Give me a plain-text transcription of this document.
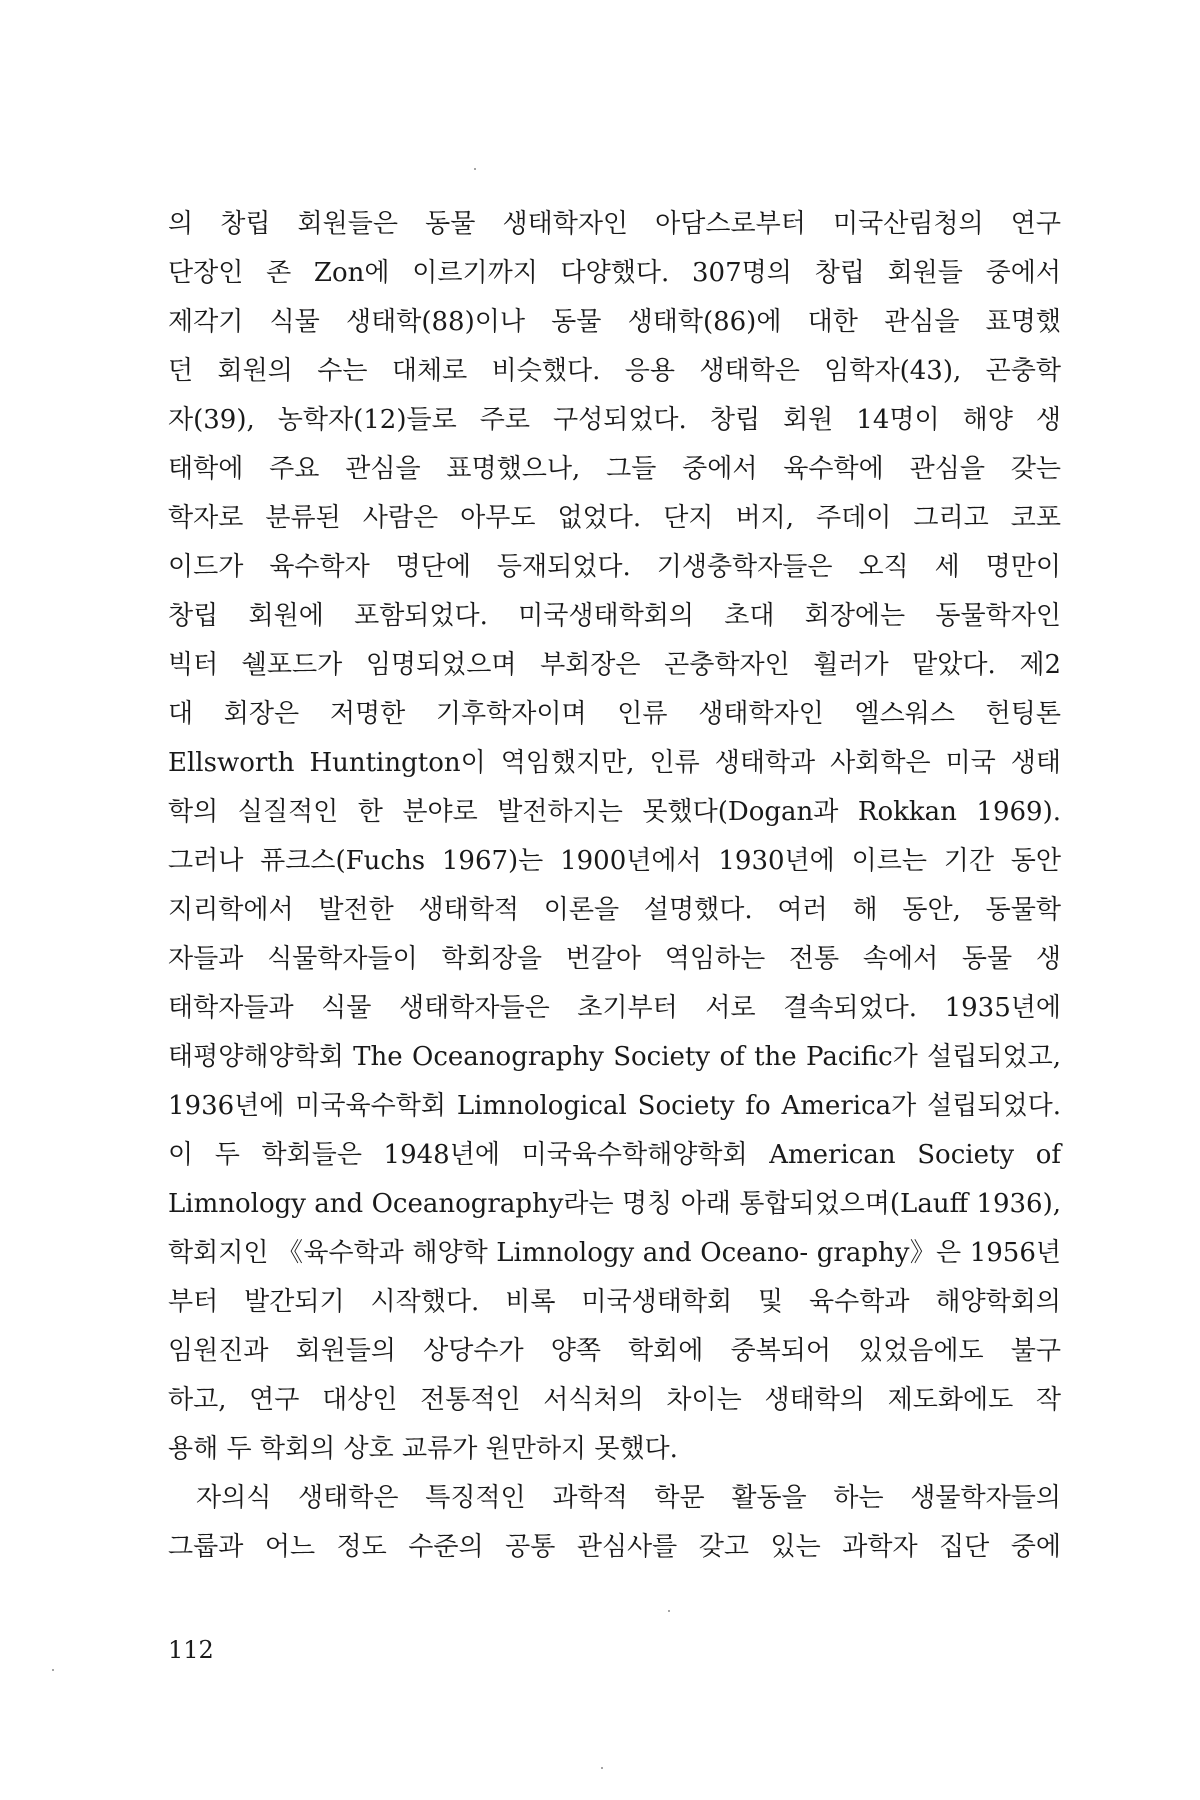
의 창립 회원들은 동물 생태학자인 아담스로부터 미국산림청의 연구
단장인 존 Zon에 이르기까지 다양했다. 307명의 창립 회원들 중에서
제각기 식물 생태학(88)이나 동물 생태학(86)에 대한 관심을 표명했
던 회원의 수는 대체로 비슷했다. 응용 생태학은 임학자(43), 곤충학
자(39), 농학자(12)들로 주로 구성되었다. 창립 회원 14명이 해양 생
태학에 주요 관심을 표명했으나, 그들 중에서 육수학에 관심을 갖는
학자로 분류된 사람은 아무도 없었다. 단지 버지, 주데이 그리고 코포
이드가 육수학자 명단에 등재되었다. 기생충학자들은 오직 세 명만이
창립 회원에 포함되었다. 미국생태학회의 초대 회장에는 동물학자인
빅터 쉘포드가 임명되었으며 부회장은 곤충학자인 휠러가 맡았다. 제2
대 회장은 저명한 기후학자이며 인류 생태학자인 엘스워스 헌팅톤
Ellsworth Huntington이 역임했지만, 인류 생태학과 사회학은 미국 생태
학의 실질적인 한 분야로 발전하지는 못했다(Dogan과 Rokkan 1969).
그러나 퓨크스(Fuchs 1967)는 1900년에서 1930년에 이르는 기간 동안
지리학에서 발전한 생태학적 이론을 설명했다. 여러 해 동안, 동물학
자들과 식물학자들이 학회장을 번갈아 역임하는 전통 속에서 동물 생
태학자들과 식물 생태학자들은 초기부터 서로 결속되었다. 1935년에
태평양해양학회 The Oceanography Society of the Pacific가 설립되었고,
1936년에 미국육수학회 Limnological Society fo America가 설립되었다.
이 두 학회들은 1948년에 미국육수학해양학회 American Society of
Limnology and Oceanography라는 명칭 아래 통합되었으며(Lauff 1936),
학회지인 《육수학과 해양학 Limnology and Oceano- graphy》은 1956년
부터 발간되기 시작했다. 비록 미국생태학회 및 육수학과 해양학회의
임원진과 회원들의 상당수가 양쪽 학회에 중복되어 있었음에도 불구
하고, 연구 대상인 전통적인 서식처의 차이는 생태학의 제도화에도 작
용해 두 학회의 상호 교류가 원만하지 못했다.
자의식 생태학은 특징적인 과학적 학문 활동을 하는 생물학자들의
그룹과 어느 정도 수준의 공통 관심사를 갖고 있는 과학자 집단 중에
112
